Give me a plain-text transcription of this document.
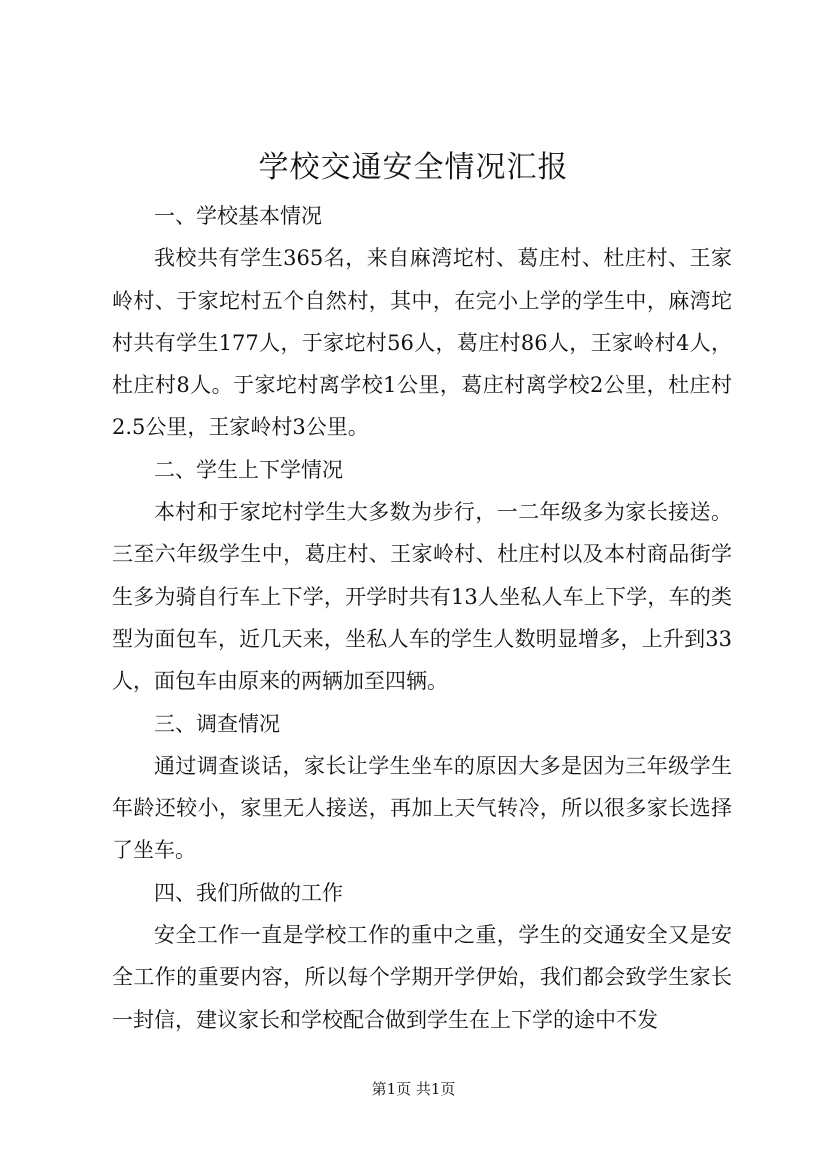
学校交通安全情况汇报

一、学校基本情况

我校共有学生365名，来自麻湾坨村、葛庄村、杜庄村、王家岭村、于家坨村五个自然村，其中，在完小上学的学生中，麻湾坨村共有学生177人，于家坨村56人，葛庄村86人，王家岭村4人，杜庄村8人。于家坨村离学校1公里，葛庄村离学校2公里，杜庄村2.5公里，王家岭村3公里。

二、学生上下学情况

本村和于家坨村学生大多数为步行，一二年级多为家长接送。三至六年级学生中，葛庄村、王家岭村、杜庄村以及本村商品街学生多为骑自行车上下学，开学时共有13人坐私人车上下学，车的类型为面包车，近几天来，坐私人车的学生人数明显增多，上升到33人，面包车由原来的两辆加至四辆。

三、调查情况

通过调查谈话，家长让学生坐车的原因大多是因为三年级学生年龄还较小，家里无人接送，再加上天气转冷，所以很多家长选择了坐车。

四、我们所做的工作

安全工作一直是学校工作的重中之重，学生的交通安全又是安全工作的重要内容，所以每个学期开学伊始，我们都会致学生家长一封信，建议家长和学校配合做到学生在上下学的途中不发

第1页 共1页
